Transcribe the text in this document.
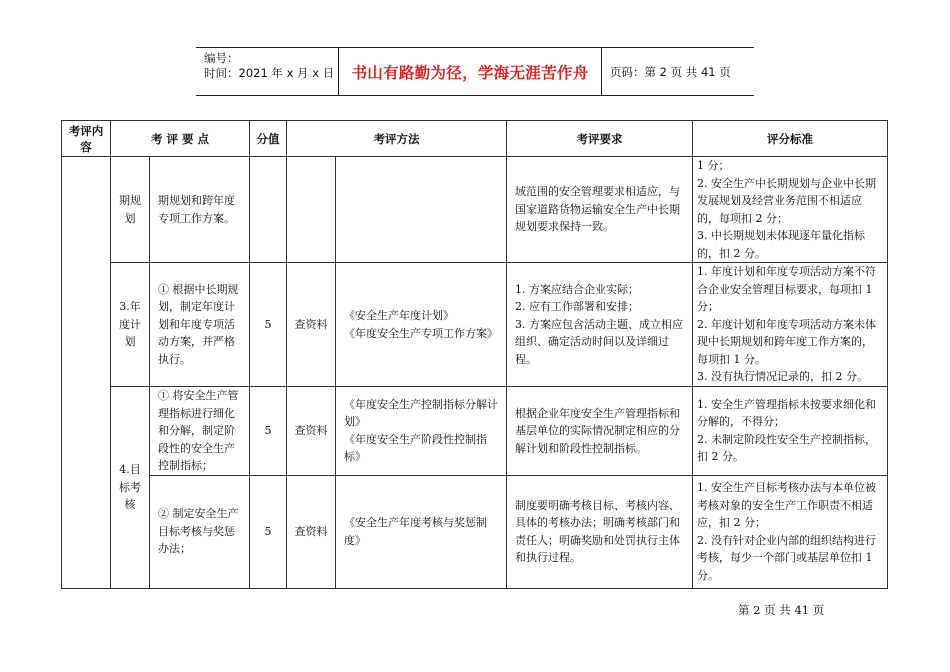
编号：
时间：2021 年 x 月 x 日	书山有路勤为径，学海无涯苦作舟	页码：第 2 页 共 41 页
考评内容	考 评 要 点		分值	考评方法		考评要求	评分标准
	期规划	期规划和跨年度专项工作方案。				域范围的安全管理要求相适应，与国家道路货物运输安全生产中长期规划要求保持一致。	1 分；
2. 安全生产中长期规划与企业中长期发展规划及经营业务范围不相适应的，每项扣 2 分；
3. 中长期规划未体现逐年量化指标的，扣 2 分。

	3.年度计划	① 根据中长期规划，制定年度计划和年度专项活动方案，并严格执行。	5	查资料	《安全生产年度计划》
《年度安全生产专项工作方案》	1. 方案应结合企业实际；
2. 应有工作部署和安排；
3. 方案应包含活动主题、成立相应组织、确定活动时间以及详细过程。	1. 年度计划和年度专项活动方案不符合企业安全管理目标要求，每项扣 1 分；
2. 年度计划和年度专项活动方案未体现中长期规划和跨年度工作方案的，每项扣 1 分。
3. 没有执行情况记录的，扣 2 分。

	4.目标考核	① 将安全生产管理指标进行细化和分解，制定阶段性的安全生产控制指标；	5	查资料	《年度安全生产控制指标分解计划》
《年度安全生产阶段性控制指标》	根据企业年度安全生产管理指标和基层单位的实际情况制定相应的分解计划和阶段性控制指标。	1. 安全生产管理指标未按要求细化和分解的，不得分；
2. 未制定阶段性安全生产控制指标，扣 2 分。

		② 制定安全生产目标考核与奖惩办法；	5	查资料	《安全生产年度考核与奖惩制度》	制度要明确考核目标、考核内容、具体的考核办法；明确考核部门和责任人；明确奖励和处罚执行主体和执行过程。	1. 安全生产目标考核办法与本单位被考核对象的安全生产工作职责不相适应，扣 2 分；
2. 没有针对企业内部的组织结构进行考核，每少一个部门或基层单位扣 1 分。
第 2 页 共 41 页
